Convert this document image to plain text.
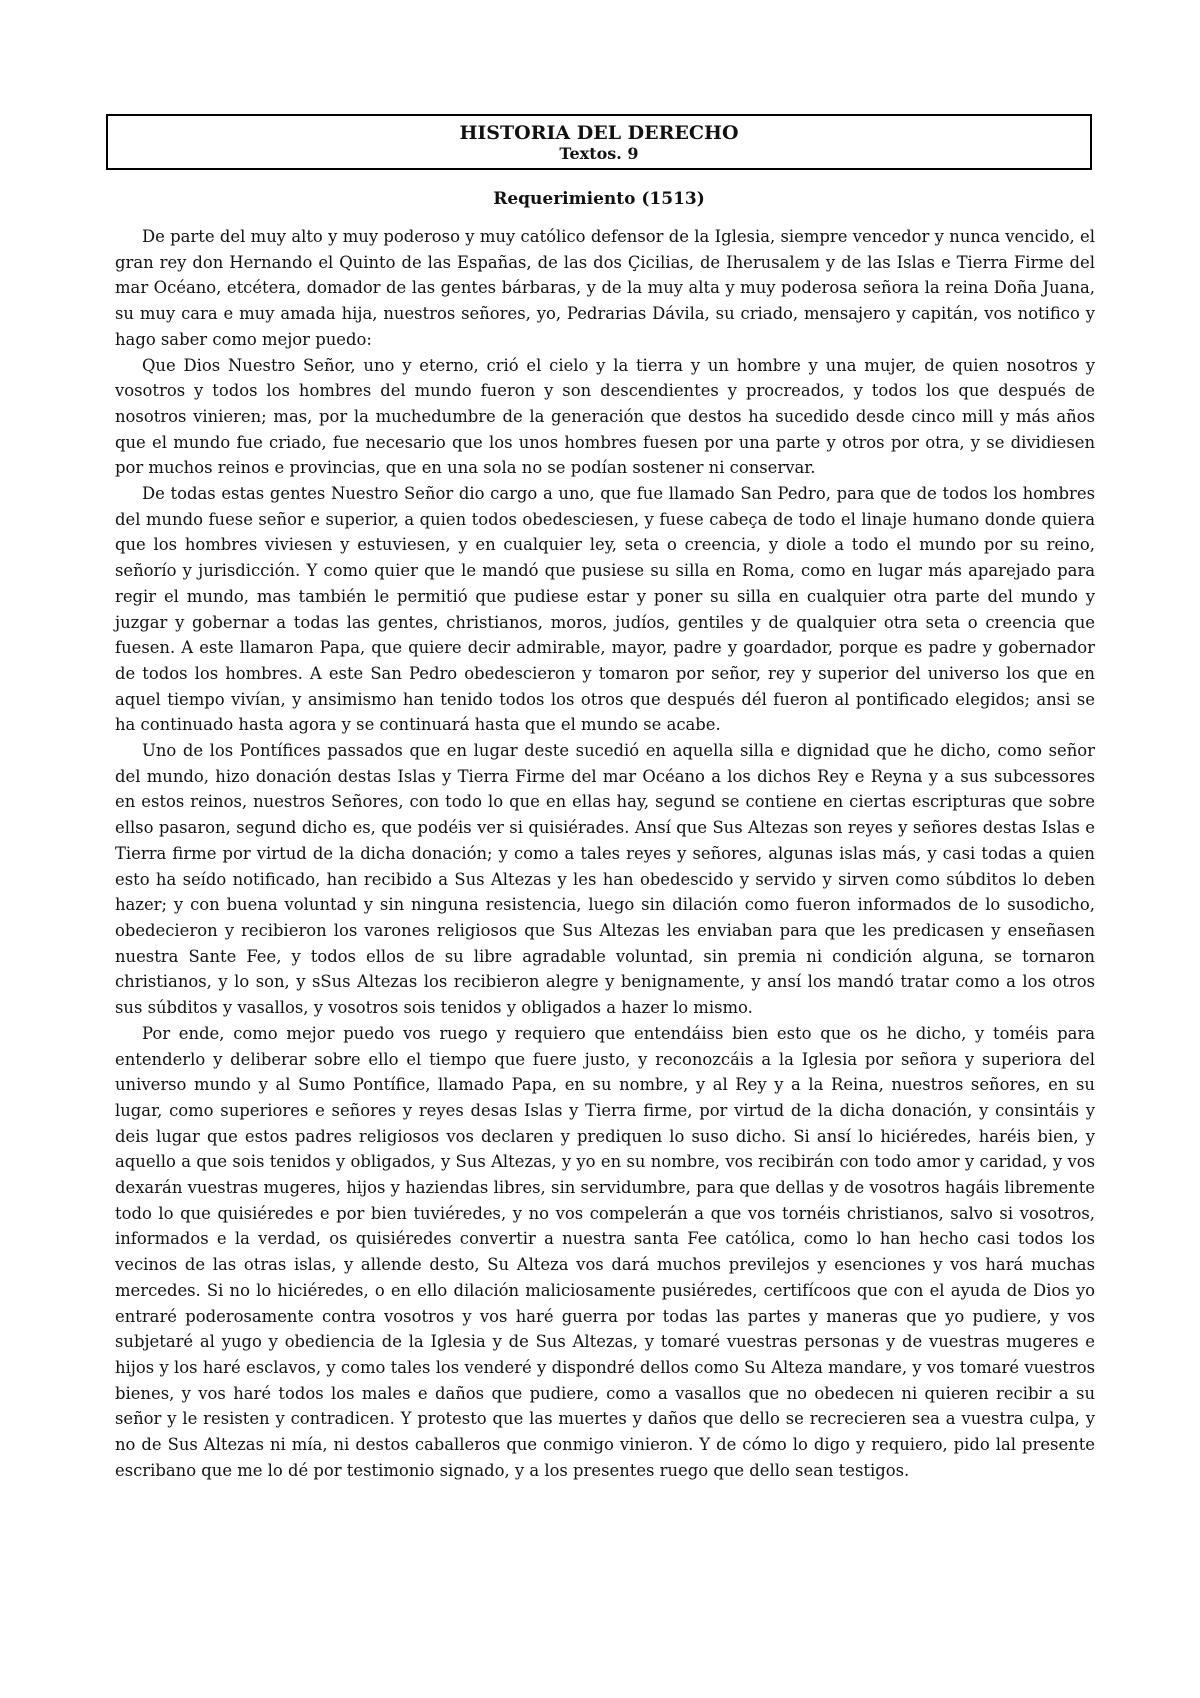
HISTORIA DEL DERECHO
Textos. 9
Requerimiento (1513)

De parte del muy alto y muy poderoso y muy católico defensor de la Iglesia, siempre vencedor y nunca vencido, el gran rey don Hernando el Quinto de las Españas, de las dos Çicilias, de Iherusalem y de las Islas e Tierra Firme del mar Océano, etcétera, domador de las gentes bárbaras, y de la muy alta y muy poderosa señora la reina Doña Juana, su muy cara e muy amada hija, nuestros señores, yo, Pedrarias Dávila, su criado, mensajero y capitán, vos notifico y hago saber como mejor puedo:

Que Dios Nuestro Señor, uno y eterno, crió el cielo y la tierra y un hombre y una mujer, de quien nosotros y vosotros y todos los hombres del mundo fueron y son descendientes y procreados, y todos los que después de nosotros vinieren; mas, por la muchedumbre de la generación que destos ha sucedido desde cinco mill y más años que el mundo fue criado, fue necesario que los unos hombres fuesen por una parte y otros por otra, y se dividiesen por muchos reinos e provincias, que en una sola no se podían sostener ni conservar.

De todas estas gentes Nuestro Señor dio cargo a uno, que fue llamado San Pedro, para que de todos los hombres del mundo fuese señor e superior, a quien todos obedesciesen, y fuese cabeça de todo el linaje humano donde quiera que los hombres viviesen y estuviesen, y en cualquier ley, seta o creencia, y diole a todo el mundo por su reino, señorío y jurisdicción. Y como quier que le mandó que pusiese su silla en Roma, como en lugar más aparejado para regir el mundo, mas también le permitió que pudiese estar y poner su silla en cualquier otra parte del mundo y juzgar y gobernar a todas las gentes, christianos, moros, judíos, gentiles y de qualquier otra seta o creencia que fuesen. A este llamaron Papa, que quiere decir admirable, mayor, padre y goardador, porque es padre y gobernador de todos los hombres. A este San Pedro obedescieron y tomaron por señor, rey y superior del universo los que en aquel tiempo vivían, y ansimismo han tenido todos los otros que después dél fueron al pontificado elegidos; ansi se ha continuado hasta agora y se continuará hasta que el mundo se acabe.

Uno de los Pontífices passados que en lugar deste sucedió en aquella silla e dignidad que he dicho, como señor del mundo, hizo donación destas Islas y Tierra Firme del mar Océano a los dichos Rey e Reyna y a sus subcessores en estos reinos, nuestros Señores, con todo lo que en ellas hay, segund se contiene en ciertas escripturas que sobre ellso pasaron, segund dicho es, que podéis ver si quisiérades. Ansí que Sus Altezas son reyes y señores destas Islas e Tierra firme por virtud de la dicha donación; y como a tales reyes y señores, algunas islas más, y casi todas a quien esto ha seído notificado, han recibido a Sus Altezas y les han obedescido y servido y sirven como súbditos lo deben hazer; y con buena voluntad y sin ninguna resistencia, luego sin dilación como fueron informados de lo susodicho, obedecieron y recibieron los varones religiosos que Sus Altezas les enviaban para que les predicasen y enseñasen nuestra Sante Fee, y todos ellos de su libre agradable voluntad, sin premia ni condición alguna, se tornaron christianos, y lo son, y sSus Altezas los recibieron alegre y benignamente, y ansí los mandó tratar como a los otros sus súbditos y vasallos, y vosotros sois tenidos y obligados a hazer lo mismo.

Por ende, como mejor puedo vos ruego y requiero que entendáiss bien esto que os he dicho, y toméis para entenderlo y deliberar sobre ello el tiempo que fuere justo, y reconozcáis a la Iglesia por señora y superiora del universo mundo y al Sumo Pontífice, llamado Papa, en su nombre, y al Rey y a la Reina, nuestros señores, en su lugar, como superiores e señores y reyes desas Islas y Tierra firme, por virtud de la dicha donación, y consintáis y deis lugar que estos padres religiosos vos declaren y prediquen lo suso dicho. Si ansí lo hiciéredes, haréis bien, y aquello a que sois tenidos y obligados, y Sus Altezas, y yo en su nombre, vos recibirán con todo amor y caridad, y vos dexarán vuestras mugeres, hijos y haziendas libres, sin servidumbre, para que dellas y de vosotros hagáis libremente todo lo que quisiéredes e por bien tuviéredes, y no vos compelerán a que vos tornéis christianos, salvo si vosotros, informados e la verdad, os quisiéredes convertir a nuestra santa Fee católica, como lo han hecho casi todos los vecinos de las otras islas, y allende desto, Su Alteza vos dará muchos previlejos y esenciones y vos hará muchas mercedes. Si no lo hiciéredes, o en ello dilación maliciosamente pusiéredes, certifícoos que con el ayuda de Dios yo entraré poderosamente contra vosotros y vos haré guerra por todas las partes y maneras que yo pudiere, y vos subjetaré al yugo y obediencia de la Iglesia y de Sus Altezas, y tomaré vuestras personas y de vuestras mugeres e hijos y los haré esclavos, y como tales los venderé y dispondré dellos como Su Alteza mandare, y vos tomaré vuestros bienes, y vos haré todos los males e daños que pudiere, como a vasallos que no obedecen ni quieren recibir a su señor y le resisten y contradicen. Y protesto que las muertes y daños que dello se recrecieren sea a vuestra culpa, y no de Sus Altezas ni mía, ni destos caballeros que conmigo vinieron. Y de cómo lo digo y requiero, pido lal presente escribano que me lo dé por testimonio signado, y a los presentes ruego que dello sean testigos.
